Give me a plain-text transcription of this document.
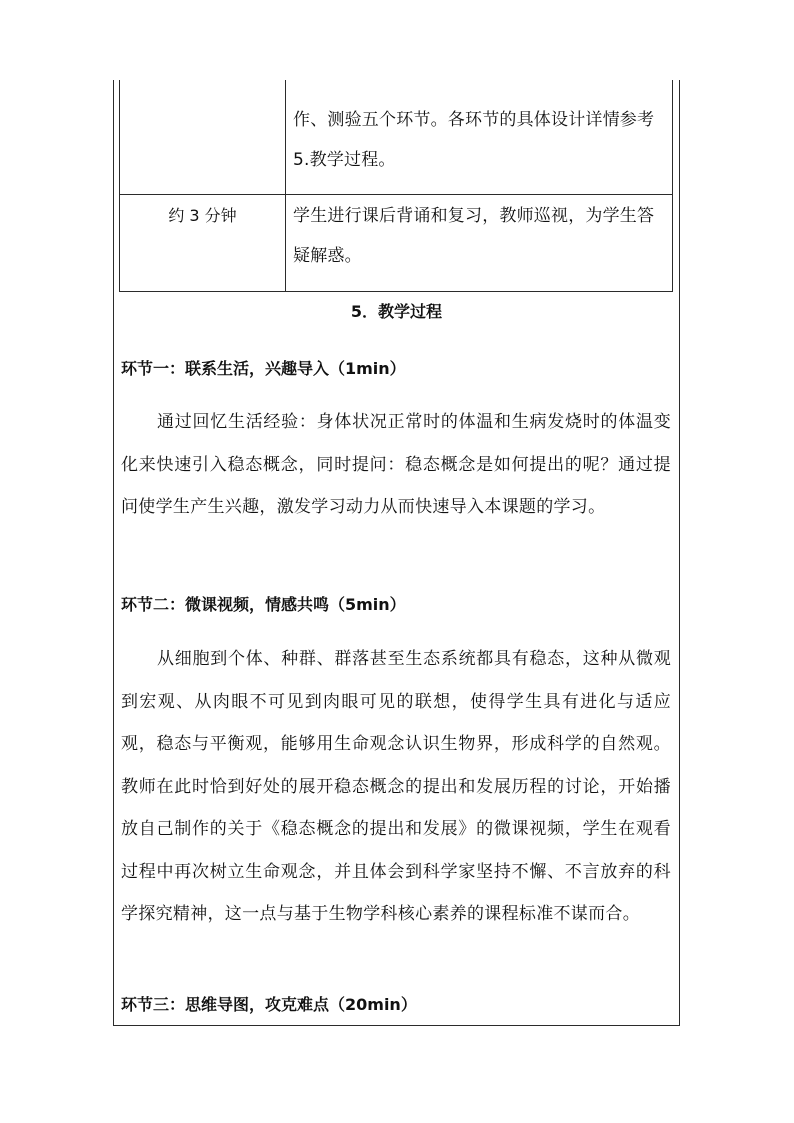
作、测验五个环节。各环节的具体设计详情参考5.教学过程。
约 3 分钟	学生进行课后背诵和复习，教师巡视，为学生答疑解惑。
5．教学过程
环节一：联系生活，兴趣导入（1min）
通过回忆生活经验：身体状况正常时的体温和生病发烧时的体温变化来快速引入稳态概念，同时提问：稳态概念是如何提出的呢？通过提问使学生产生兴趣，激发学习动力从而快速导入本课题的学习。
环节二：微课视频，情感共鸣（5min）
从细胞到个体、种群、群落甚至生态系统都具有稳态，这种从微观到宏观、从肉眼不可见到肉眼可见的联想，使得学生具有进化与适应观，稳态与平衡观，能够用生命观念认识生物界，形成科学的自然观。教师在此时恰到好处的展开稳态概念的提出和发展历程的讨论，开始播放自己制作的关于《稳态概念的提出和发展》的微课视频，学生在观看过程中再次树立生命观念，并且体会到科学家坚持不懈、不言放弃的科学探究精神，这一点与基于生物学科核心素养的课程标准不谋而合。
环节三：思维导图，攻克难点（20min）
